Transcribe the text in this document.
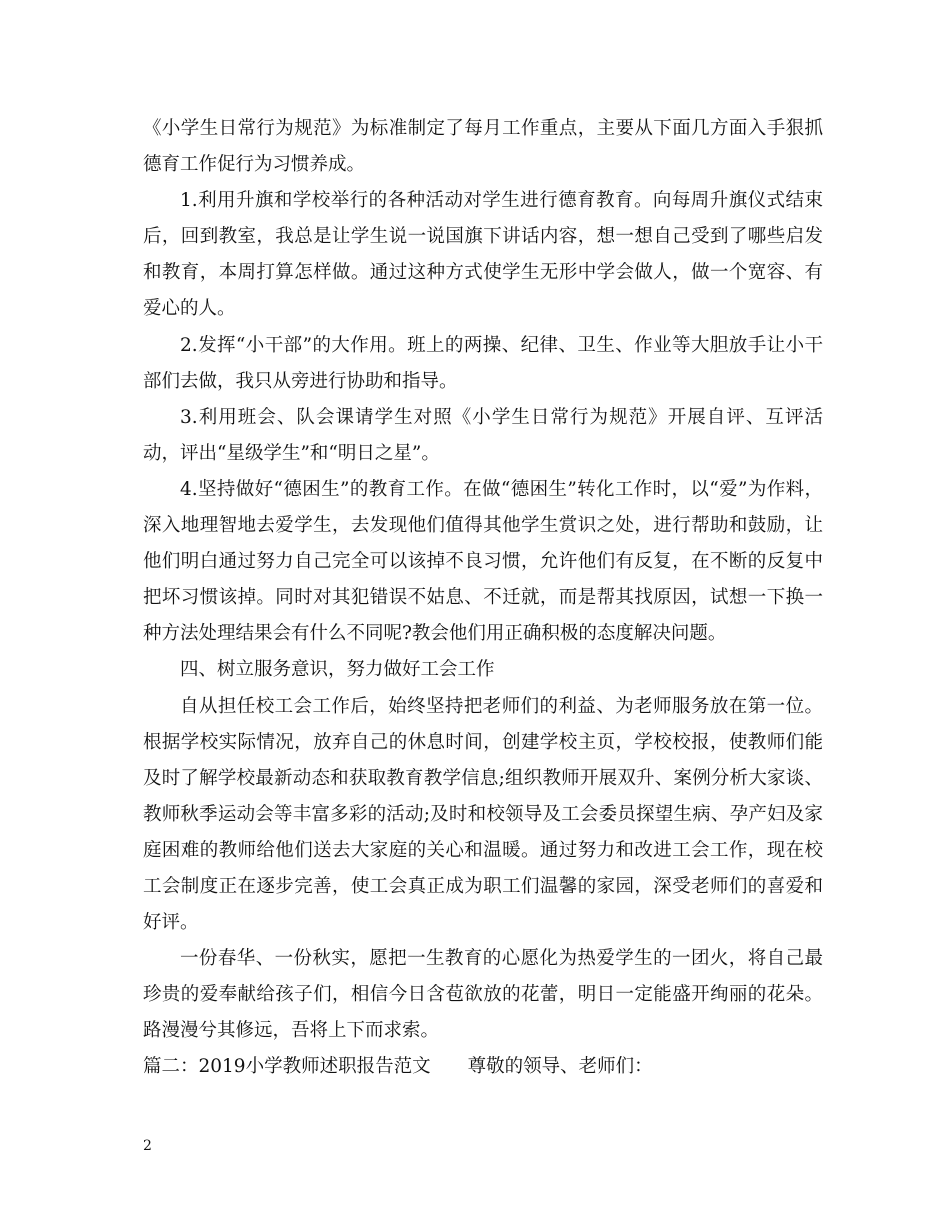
《小学生日常行为规范》为标准制定了每月工作重点，主要从下面几方面入手狠抓德育工作促行为习惯养成。

1.利用升旗和学校举行的各种活动对学生进行德育教育。向每周升旗仪式结束后，回到教室，我总是让学生说一说国旗下讲话内容，想一想自己受到了哪些启发和教育，本周打算怎样做。通过这种方式使学生无形中学会做人，做一个宽容、有爱心的人。

2.发挥“小干部”的大作用。班上的两操、纪律、卫生、作业等大胆放手让小干部们去做，我只从旁进行协助和指导。

3.利用班会、队会课请学生对照《小学生日常行为规范》开展自评、互评活动，评出“星级学生”和“明日之星”。

4.坚持做好“德困生”的教育工作。在做“德困生”转化工作时，以“爱”为作料，深入地理智地去爱学生，去发现他们值得其他学生赏识之处，进行帮助和鼓励，让他们明白通过努力自己完全可以该掉不良习惯，允许他们有反复，在不断的反复中把坏习惯该掉。同时对其犯错误不姑息、不迁就，而是帮其找原因，试想一下换一种方法处理结果会有什么不同呢?教会他们用正确积极的态度解决问题。

四、树立服务意识，努力做好工会工作

自从担任校工会工作后，始终坚持把老师们的利益、为老师服务放在第一位。根据学校实际情况，放弃自己的休息时间，创建学校主页，学校校报，使教师们能及时了解学校最新动态和获取教育教学信息;组织教师开展双升、案例分析大家谈、教师秋季运动会等丰富多彩的活动;及时和校领导及工会委员探望生病、孕产妇及家庭困难的教师给他们送去大家庭的关心和温暖。通过努力和改进工会工作，现在校工会制度正在逐步完善，使工会真正成为职工们温馨的家园，深受老师们的喜爱和好评。

一份春华、一份秋实，愿把一生教育的心愿化为热爱学生的一团火，将自己最珍贵的爱奉献给孩子们，相信今日含苞欲放的花蕾，明日一定能盛开绚丽的花朵。路漫漫兮其修远，吾将上下而求索。

篇二：2019小学教师述职报告范文　　尊敬的领导、老师们：

2
